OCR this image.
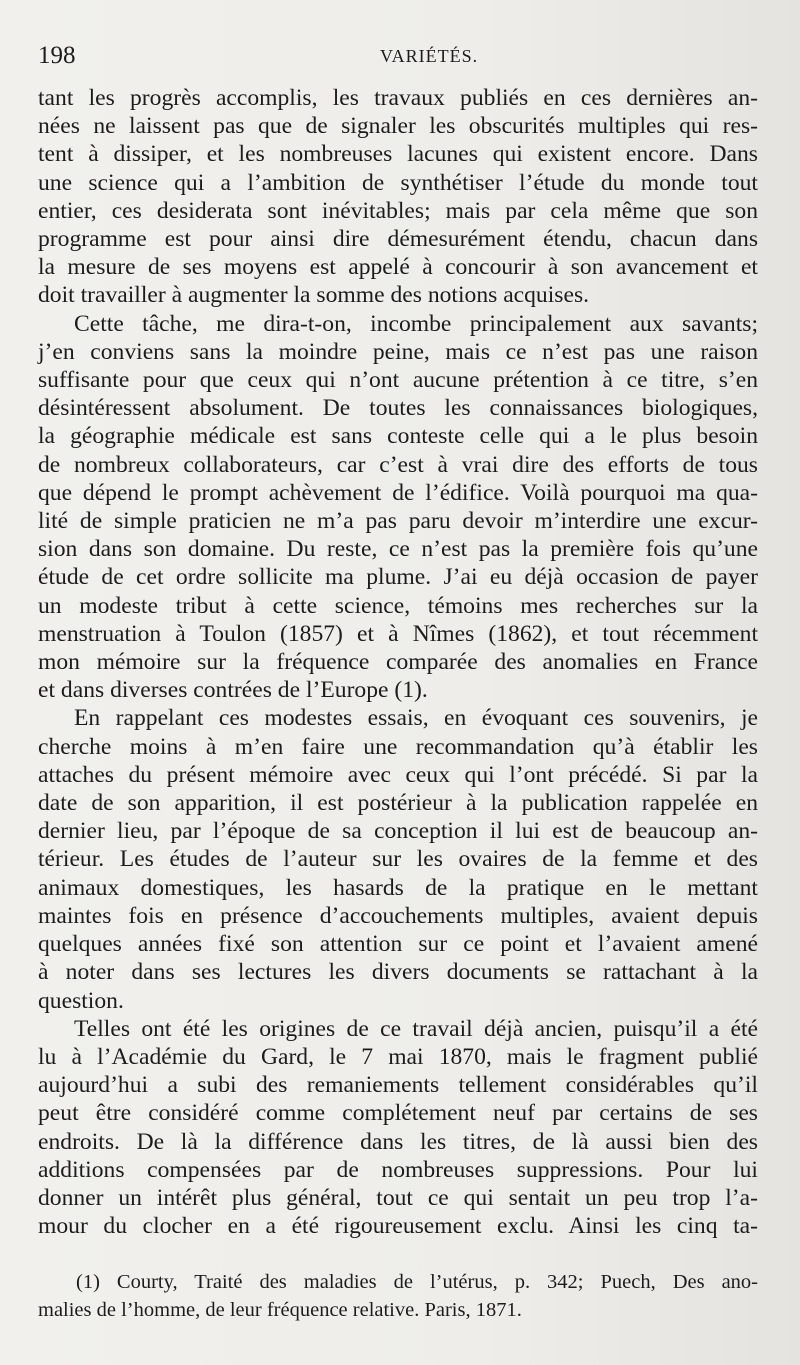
198	VARIÉTÉS.
tant les progrès accomplis, les travaux publiés en ces dernières an-
nées ne laissent pas que de signaler les obscurités multiples qui res-
tent à dissiper, et les nombreuses lacunes qui existent encore. Dans
une science qui a l’ambition de synthétiser l’étude du monde tout
entier, ces desiderata sont inévitables; mais par cela même que son
programme est pour ainsi dire démesurément étendu, chacun dans
la mesure de ses moyens est appelé à concourir à son avancement et
doit travailler à augmenter la somme des notions acquises.
Cette tâche, me dira-t-on, incombe principalement aux savants;
j’en conviens sans la moindre peine, mais ce n’est pas une raison
suffisante pour que ceux qui n’ont aucune prétention à ce titre, s’en
désintéressent absolument. De toutes les connaissances biologiques,
la géographie médicale est sans conteste celle qui a le plus besoin
de nombreux collaborateurs, car c’est à vrai dire des efforts de tous
que dépend le prompt achèvement de l’édifice. Voilà pourquoi ma qua-
lité de simple praticien ne m’a pas paru devoir m’interdire une excur-
sion dans son domaine. Du reste, ce n’est pas la première fois qu’une
étude de cet ordre sollicite ma plume. J’ai eu déjà occasion de payer
un modeste tribut à cette science, témoins mes recherches sur la
menstruation à Toulon (1857) et à Nîmes (1862), et tout récemment
mon mémoire sur la fréquence comparée des anomalies en France
et dans diverses contrées de l’Europe (1).
En rappelant ces modestes essais, en évoquant ces souvenirs, je
cherche moins à m’en faire une recommandation qu’à établir les
attaches du présent mémoire avec ceux qui l’ont précédé. Si par la
date de son apparition, il est postérieur à la publication rappelée en
dernier lieu, par l’époque de sa conception il lui est de beaucoup an-
térieur. Les études de l’auteur sur les ovaires de la femme et des
animaux domestiques, les hasards de la pratique en le mettant
maintes fois en présence d’accouchements multiples, avaient depuis
quelques années fixé son attention sur ce point et l’avaient amené
à noter dans ses lectures les divers documents se rattachant à la
question.
Telles ont été les origines de ce travail déjà ancien, puisqu’il a été
lu à l’Académie du Gard, le 7 mai 1870, mais le fragment publié
aujourd’hui a subi des remaniements tellement considérables qu’il
peut être considéré comme complétement neuf par certains de ses
endroits. De là la différence dans les titres, de là aussi bien des
additions compensées par de nombreuses suppressions. Pour lui
donner un intérêt plus général, tout ce qui sentait un peu trop l’a-
mour du clocher en a été rigoureusement exclu. Ainsi les cinq ta-
(1) Courty, Traité des maladies de l’utérus, p. 342; Puech, Des ano-
malies de l’homme, de leur fréquence relative. Paris, 1871.
